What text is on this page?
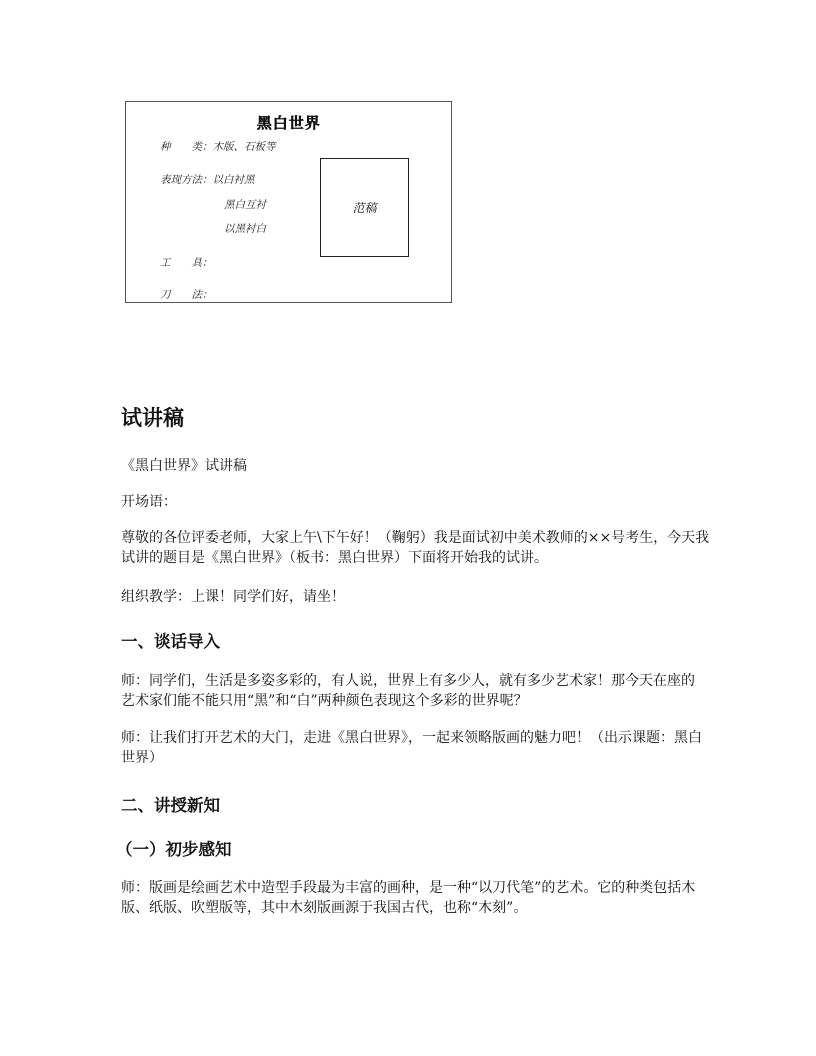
黑白世界
种　　类：木版、石板等
表现方法：以白衬黑
黑白互衬
以黑衬白
工　　具：
刀　　法：
范稿
试讲稿

《黑白世界》试讲稿

开场语：

尊敬的各位评委老师，大家上午\下午好！（鞠躬）我是面试初中美术教师的××号考生，今天我试讲的题目是《黑白世界》（板书：黑白世界）下面将开始我的试讲。

组织教学：上课！同学们好，请坐！

一、谈话导入

师：同学们，生活是多姿多彩的，有人说，世界上有多少人，就有多少艺术家！那今天在座的艺术家们能不能只用“黑”和“白”两种颜色表现这个多彩的世界呢？

师：让我们打开艺术的大门，走进《黑白世界》，一起来领略版画的魅力吧！（出示课题：黑白世界）

二、讲授新知
（一）初步感知

师：版画是绘画艺术中造型手段最为丰富的画种，是一种“以刀代笔”的艺术。它的种类包括木版、纸版、吹塑版等，其中木刻版画源于我国古代，也称“木刻”。
